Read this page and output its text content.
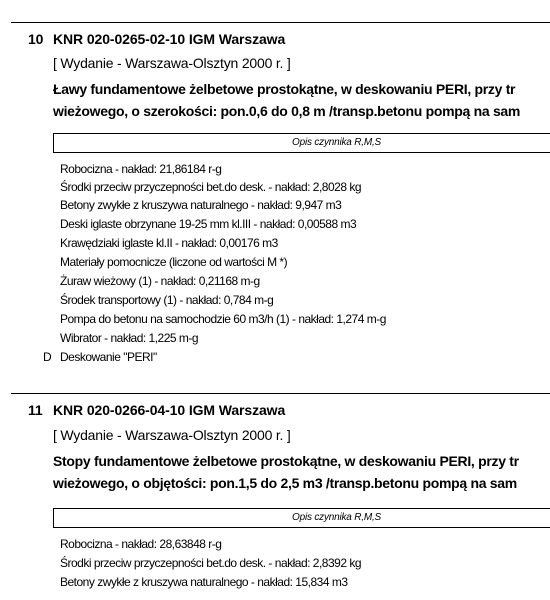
10 KNR 020-0265-02-10 IGM Warszawa
[ Wydanie - Warszawa-Olsztyn 2000 r. ]
Ławy fundamentowe żelbetowe prostokątne, w deskowaniu PERI, przy tr
wieżowego, o szerokości: pon.0,6 do 0,8 m /transp.betonu pompą na sam
Opis czynnika R,M,S
Robocizna - nakład: 21,86184 r-g
Środki przeciw przyczepności bet.do desk. - nakład: 2,8028 kg
Betony zwykłe z kruszywa naturalnego - nakład: 9,947 m3
Deski iglaste obrzynane 19-25 mm kl.III - nakład: 0,00588 m3
Krawędziaki iglaste kl.II - nakład: 0,00176 m3
Materiały pomocnicze (liczone od wartości M *)
Żuraw wieżowy (1) - nakład: 0,21168 m-g
Środek transportowy (1) - nakład: 0,784 m-g
Pompa do betonu na samochodzie 60 m3/h (1) - nakład: 1,274 m-g
Wibrator - nakład: 1,225 m-g
D Deskowanie "PERI"
11 KNR 020-0266-04-10 IGM Warszawa
[ Wydanie - Warszawa-Olsztyn 2000 r. ]
Stopy fundamentowe żelbetowe prostokątne, w deskowaniu PERI, przy tr
wieżowego, o objętości: pon.1,5 do 2,5 m3 /transp.betonu pompą na sam
Opis czynnika R,M,S
Robocizna - nakład: 28,63848 r-g
Środki przeciw przyczepności bet.do desk. - nakład: 2,8392 kg
Betony zwykłe z kruszywa naturalnego - nakład: 15,834 m3
